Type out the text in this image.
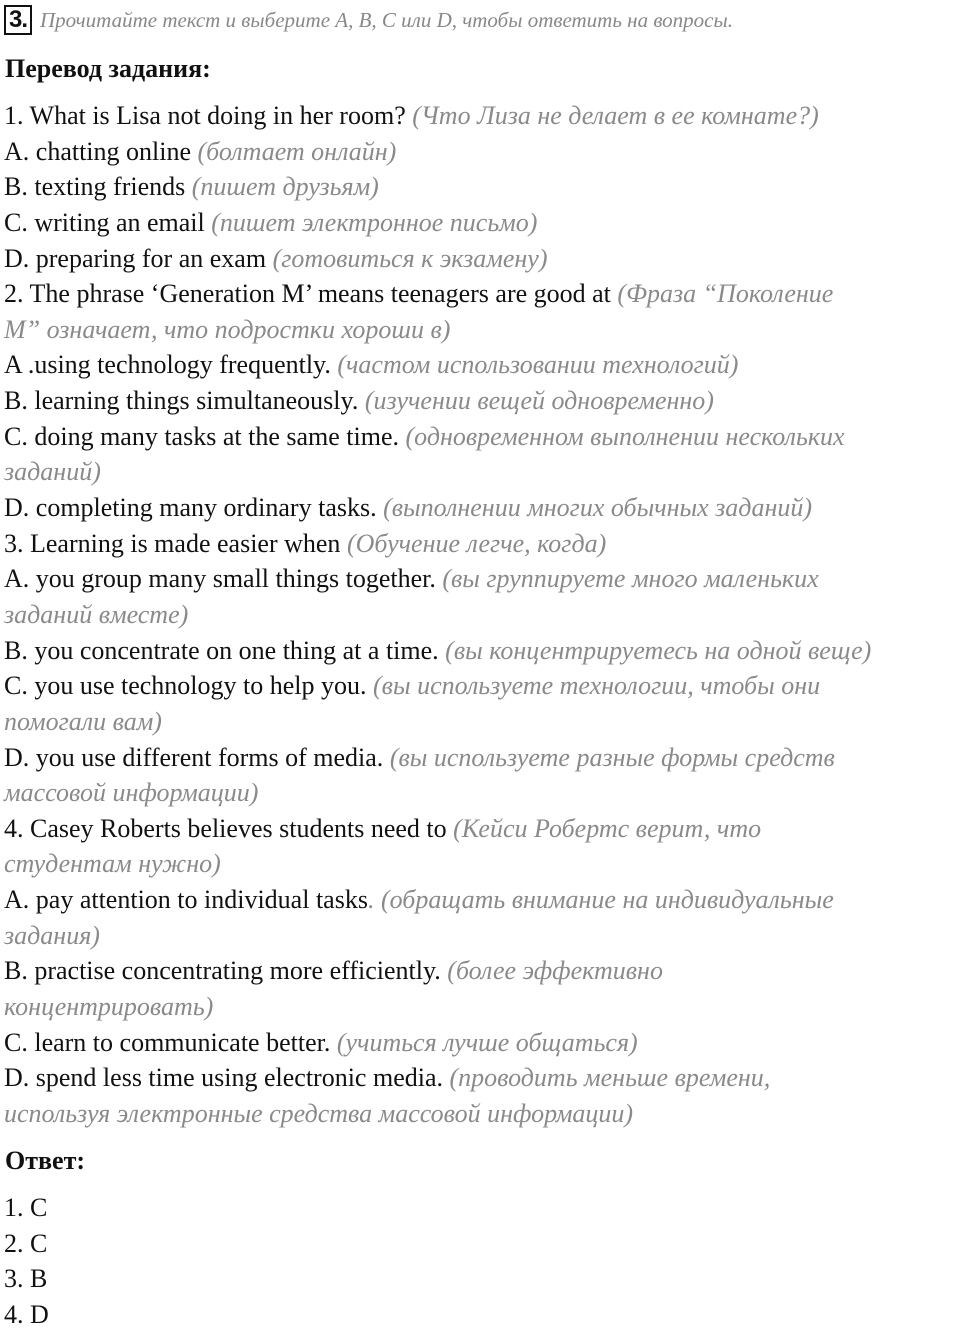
3. Прочитайте текст и выберите A, B, C или D, чтобы ответить на вопросы.
Перевод задания:
1. What is Lisa not doing in her room? (Что Лиза не делает в ее комнате?)
A. chatting online (болтает онлайн)
B. texting friends (пишет друзьям)
C. writing an email (пишет электронное письмо)
D. preparing for an exam (готовиться к экзамену)
2. The phrase ‘Generation M’ means teenagers are good at (Фраза “Поколение
М” означает, что подростки хороши в)
A .using technology frequently. (частом использовании технологий)
B. learning things simultaneously. (изучении вещей одновременно)
C. doing many tasks at the same time. (одновременном выполнении нескольких
заданий)
D. completing many ordinary tasks. (выполнении многих обычных заданий)
3. Learning is made easier when (Обучение легче, когда)
A. you group many small things together. (вы группируете много маленьких
заданий вместе)
B. you concentrate on one thing at a time. (вы концентрируетесь на одной веще)
C. you use technology to help you. (вы используете технологии, чтобы они
помогали вам)
D. you use different forms of media. (вы используете разные формы средств
массовой информации)
4. Casey Roberts believes students need to (Кейси Робертс верит, что
студентам нужно)
A. pay attention to individual tasks. (обращать внимание на индивидуальные
задания)
B. practise concentrating more efficiently. (более эффективно
концентрировать)
C. learn to communicate better. (учиться лучше общаться)
D. spend less time using electronic media. (проводить меньше времени,
используя электронные средства массовой информации)
Ответ:
1. C
2. C
3. B
4. D
